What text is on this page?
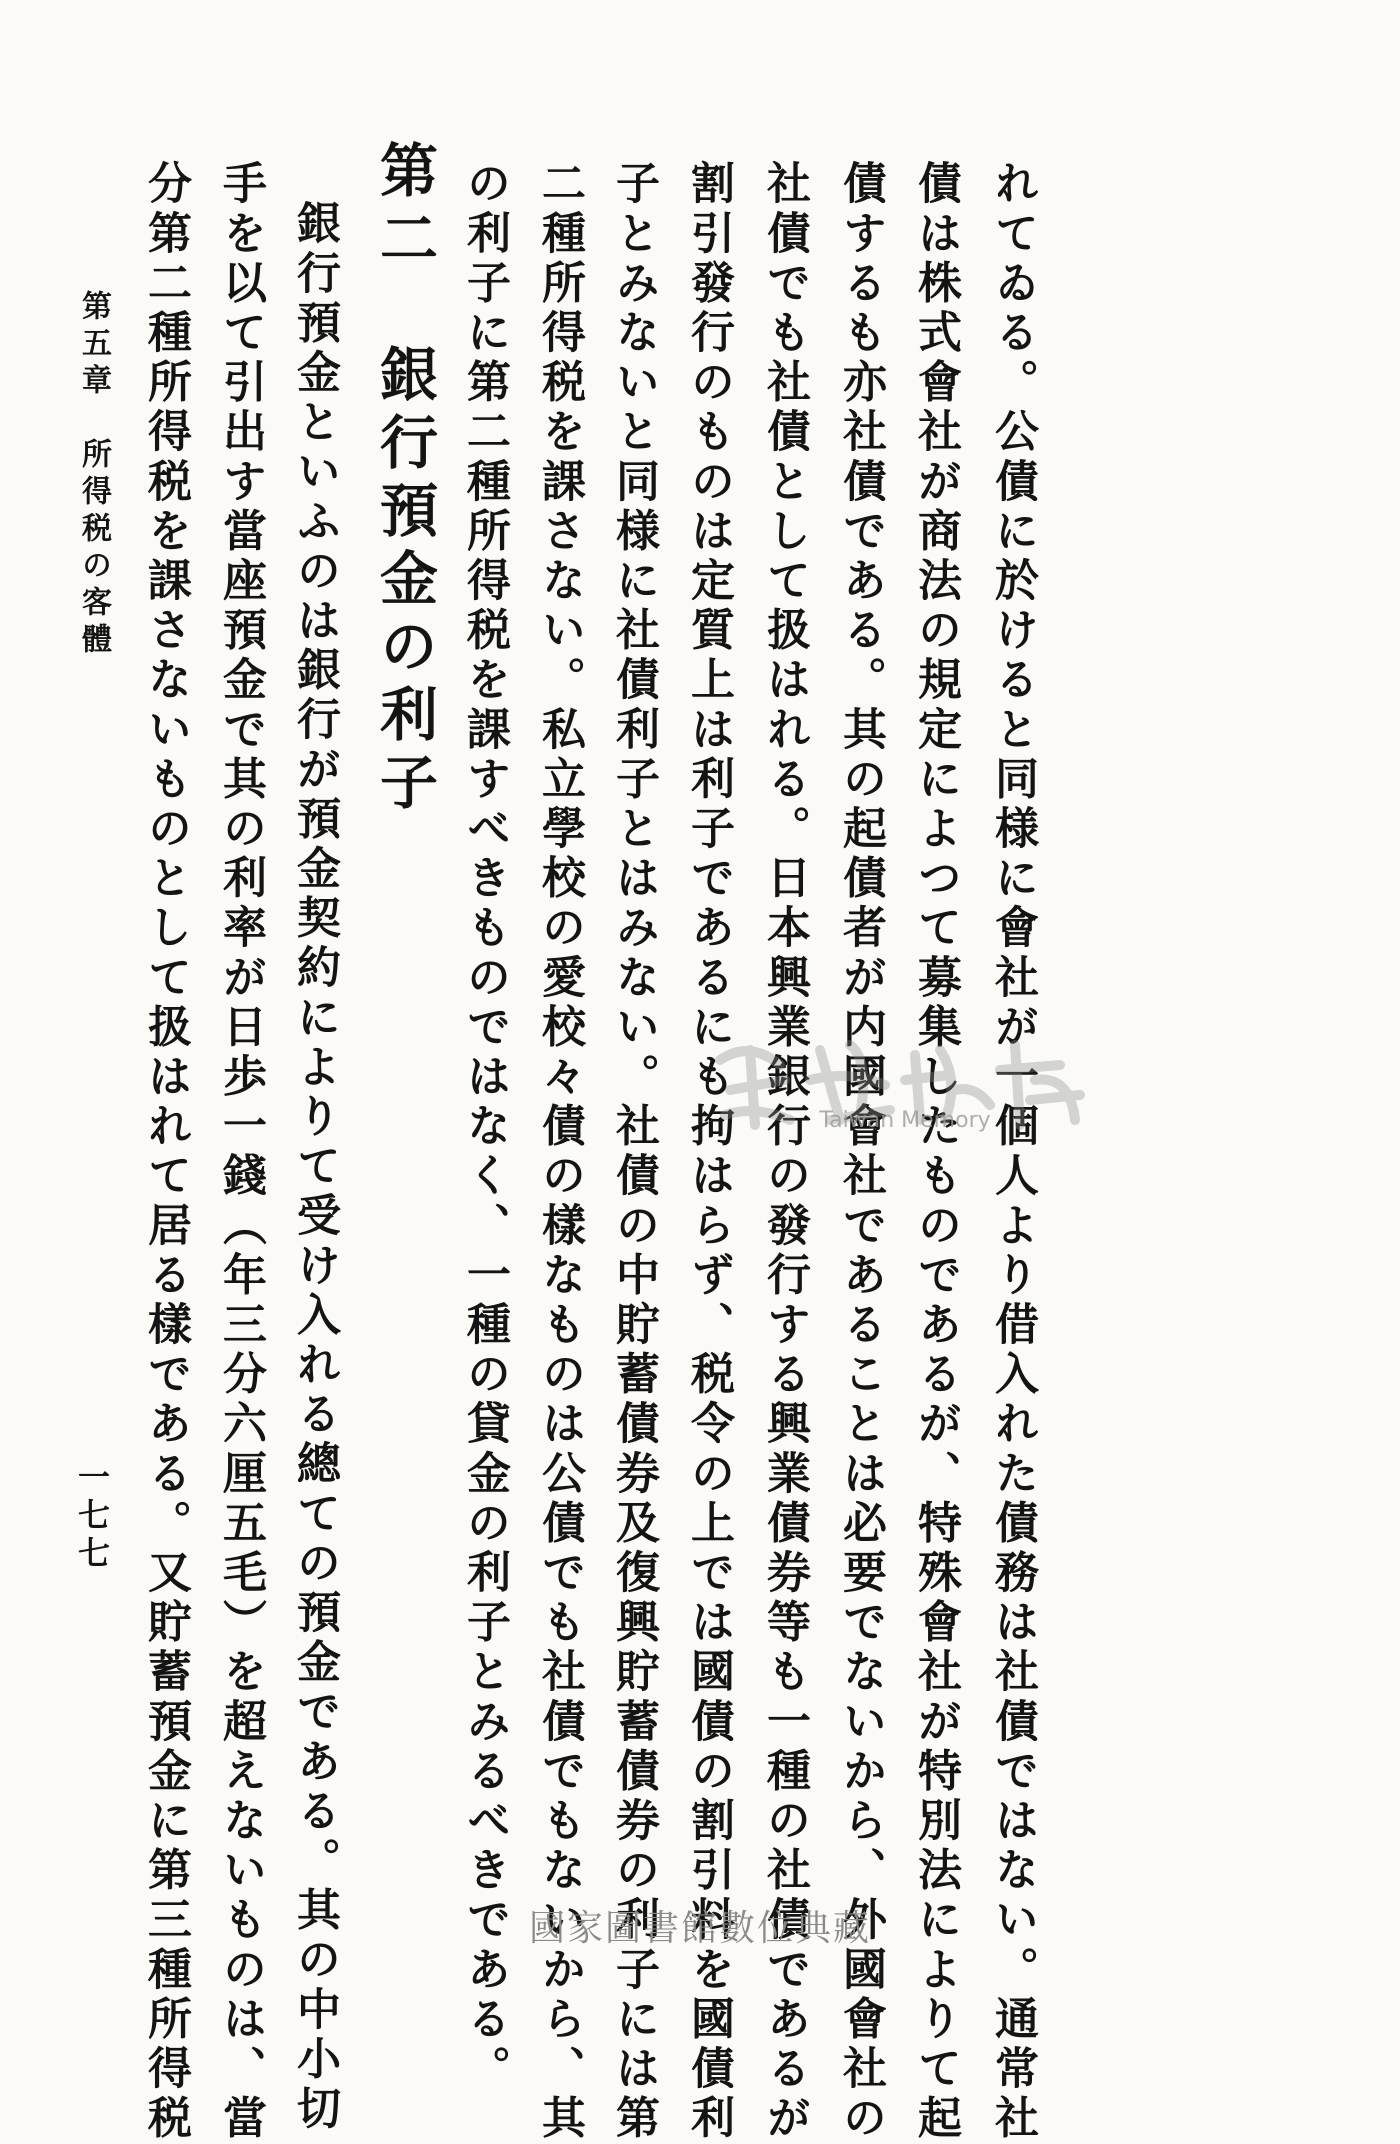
れてゐる。公債に於けると同様に會社が一個人より借入れた債務は社債ではない。通常社
債は株式會社が商法の規定によつて募集したものであるが、特殊會社が特別法によりて起
債するも亦社債である。其の起債者が内國會社であることは必要でないから、外國會社の
社債でも社債として扱はれる。日本興業銀行の發行する興業債券等も一種の社債であるが
割引發行のものは定質上は利子であるにも拘はらず、税令の上では國債の割引料を國債利
子とみないと同様に社債利子とはみない。社債の中貯蓄債券及復興貯蓄債券の利子には第
二種所得税を課さない。私立學校の愛校々債の樣なものは公債でも社債でもないから、其
の利子に第二種所得税を課すべきものではなく、一種の貸金の利子とみるべきである。
第二　銀行預金の利子
銀行預金といふのは銀行が預金契約によりて受け入れる總ての預金である。其の中小切
手を以て引出す當座預金で其の利率が日歩一錢（年三分六厘五毛）を超えないものは、當
分第二種所得税を課さないものとして扱はれて居る樣である。又貯蓄預金に第三種所得税
第五章　所得税の客體
一七七
Taiwan Memory
國家圖書館數位典藏
